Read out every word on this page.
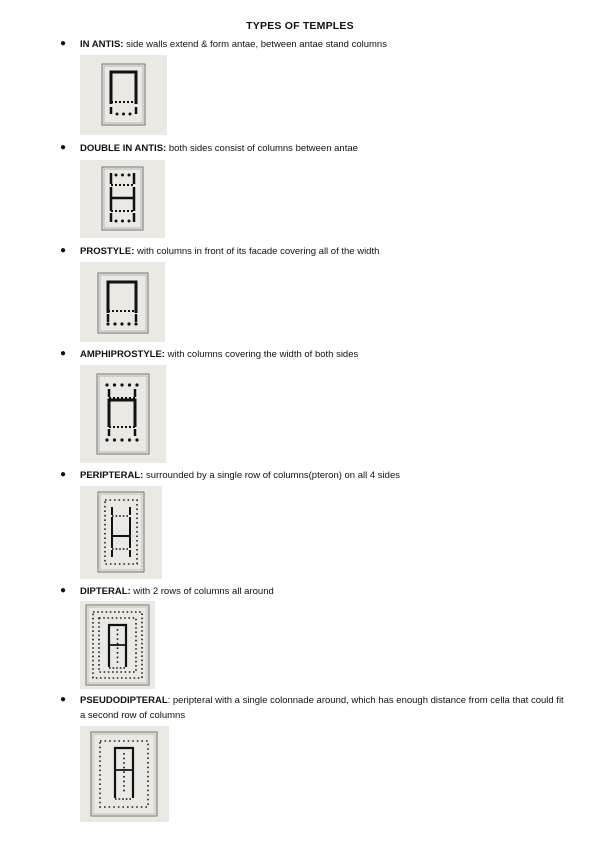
TYPES OF TEMPLES
● IN ANTIS: side walls extend & form antae, between antae stand columns
● DOUBLE IN ANTIS: both sides consist of columns between antae
● PROSTYLE: with columns in front of its facade covering all of the width
● AMPHIPROSTYLE: with columns covering the width of both sides
● PERIPTERAL: surrounded by a single row of columns(pteron) on all 4 sides
● DIPTERAL: with 2 rows of columns all around
● PSEUDODIPTERAL: peripteral with a single colonnade around, which has enough distance from cella that could fit a second row of columns
